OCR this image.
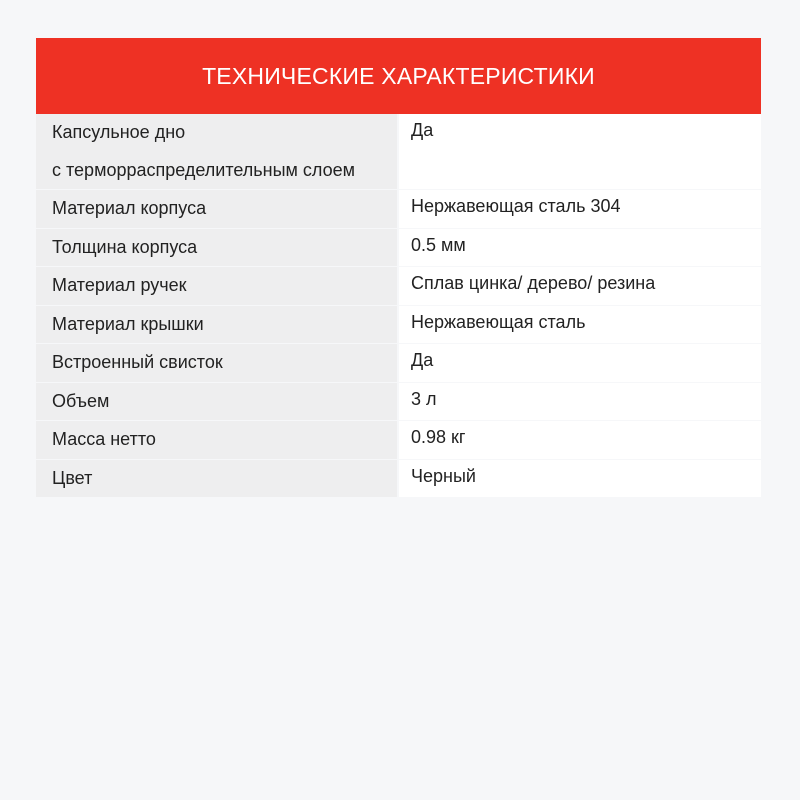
ТЕХНИЧЕСКИЕ ХАРАКТЕРИСТИКИ
Капсульное дно
с терморраспределительным слоем	Да
Материал корпуса	Нержавеющая сталь 304
Толщина корпуса	0.5 мм
Материал ручек	Сплав цинка/ дерево/ резина
Материал крышки	Нержавеющая сталь
Встроенный свисток	Да
Объем	3 л
Масса нетто	0.98 кг
Цвет	Черный
